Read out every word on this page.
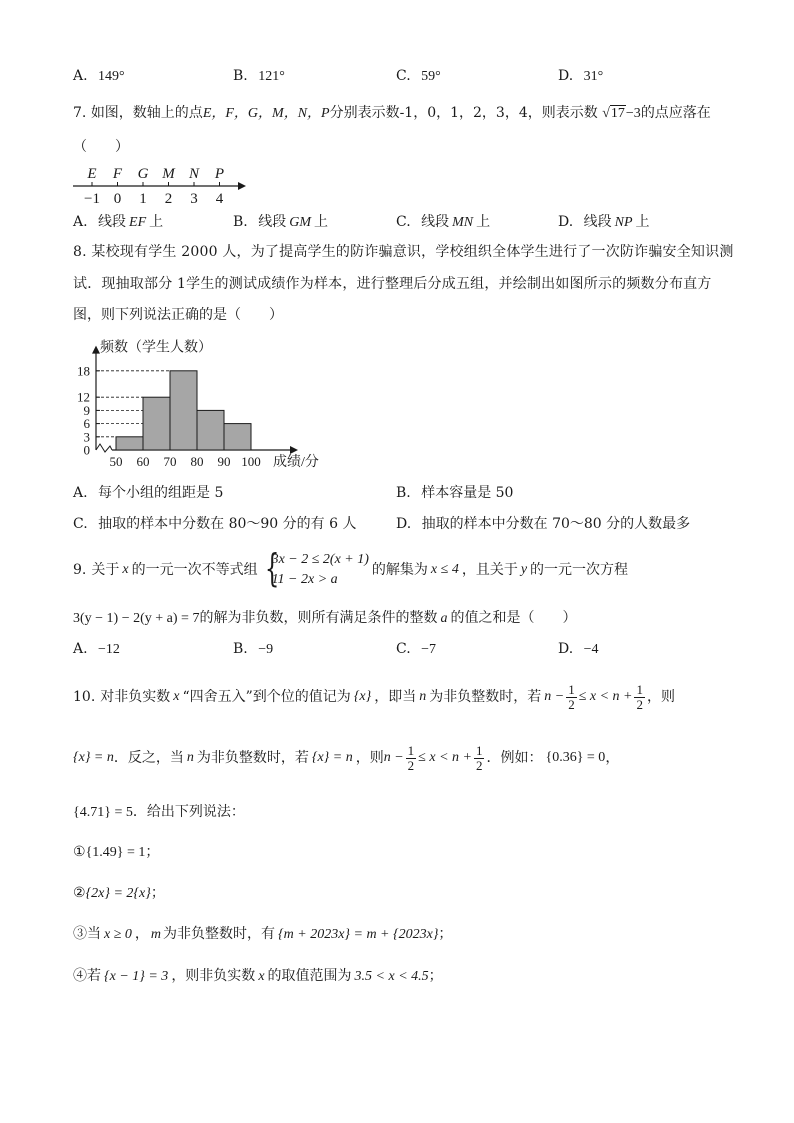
A. 149°	B. 121°	C. 59°	D. 31°
7. 如图，数轴上的点E，F，G，M，N，P分别表示数-1，0，1，2，3，4，则表示数 √17−3的点应落在
（　　）
E
−1
F
0
G
1
M
2
N
3
P
4
A. 线段 EF 上	B. 线段 GM 上	C. 线段 MN 上	D. 线段 NP 上
8. 某校现有学生 2000 人，为了提高学生的防诈骗意识，学校组织全体学生进行了一次防诈骗安全知识测
试．现抽取部分 1学生的测试成绩作为样本，进行整理后分成五组，并绘制出如图所示的频数分布直方
图，则下列说法正确的是（　　）
频数（学生人数）
成绩/分
0
3
6
9
12
18
50 60 70 80 90 100
A. 每个小组的组距是 5	B. 样本容量是 50
C. 抽取的样本中分数在 80～90 分的有 6 人	D. 抽取的样本中分数在 70～80 分的人数最多
9. 关于 x 的一元一次不等式组
{ 3x − 2 ≤ 2(x + 1)
11 − 2x > a
的解集为 x ≤ 4 ，且关于 y 的一元一次方程
3(y − 1) − 2(y + a) = 7的解为非负数，则所有满足条件的整数 a 的值之和是（　　）
A. −12	B. −9	C. −7	D. −4
10. 对非负实数 x “四舍五入”到个位的值记为 {x} ，即当 n 为非负整数时，若 $n - \frac{1}{2} \le x < n + \frac{1}{2}$ ，则
{x} = n ．反之，当 n 为非负整数时，若 {x} = n ，则 $n - \frac{1}{2} \le x < n + \frac{1}{2}$ ．例如： {0.36} = 0 ，
{4.71} = 5．给出下列说法：
①{1.49} = 1；
②{2x} = 2{x}；
③当 x ≥ 0 ， m 为非负整数时，有 {m + 2023x} = m + {2023x}；
④若 {x − 1} = 3 ，则非负实数 x 的取值范围为 3.5 < x < 4.5；
